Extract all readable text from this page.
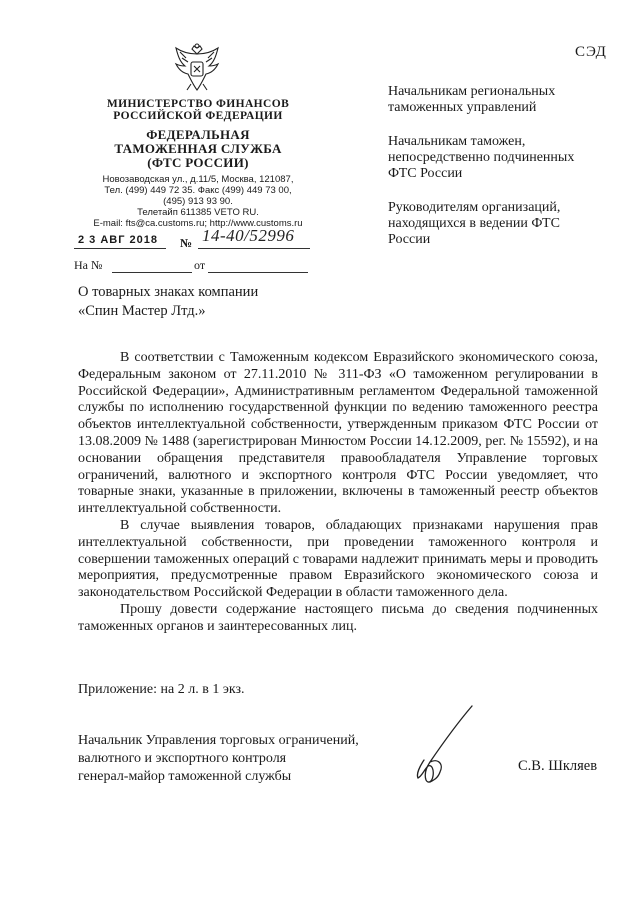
СЭД
МИНИСТЕРСТВО ФИНАНСОВ
РОССИЙСКОЙ ФЕДЕРАЦИИ
ФЕДЕРАЛЬНАЯ
ТАМОЖЕННАЯ СЛУЖБА
(ФТС РОССИИ)
Новозаводская ул., д.11/5, Москва, 121087,
Тел. (499) 449 72 35. Факс (499) 449 73 00,
(495) 913 93 90.
Телетайп 611385 VETO RU.
E-mail: fts@ca.customs.ru; http://www.customs.ru
2 3 АВГ 2018 № 14-40/52996
На №	от

Начальникам региональных таможенных управлений

Начальникам таможен, непосредственно подчиненных ФТС России

Руководителям организаций, находящихся в ведении ФТС России

О товарных знаках компании
«Спин Мастер Лтд.»

В соответствии с Таможенным кодексом Евразийского экономического союза, Федеральным законом от 27.11.2010 № 311-ФЗ «О таможенном регулировании в Российской Федерации», Административным регламентом Федеральной таможенной службы по исполнению государственной функции по ведению таможенного реестра объектов интеллектуальной собственности, утвержденным приказом ФТС России от 13.08.2009 № 1488 (зарегистрирован Минюстом России 14.12.2009, рег. № 15592), и на основании обращения представителя правообладателя Управление торговых ограничений, валютного и экспортного контроля ФТС России уведомляет, что товарные знаки, указанные в приложении, включены в таможенный реестр объектов интеллектуальной собственности.

В случае выявления товаров, обладающих признаками нарушения прав интеллектуальной собственности, при проведении таможенного контроля и совершении таможенных операций с товарами надлежит принимать меры и проводить мероприятия, предусмотренные правом Евразийского экономического союза и законодательством Российской Федерации в области таможенного дела.

Прошу довести содержание настоящего письма до сведения подчиненных таможенных органов и заинтересованных лиц.

Приложение: на 2 л. в 1 экз.
Начальник Управления торговых ограничений,
валютного и экспортного контроля
генерал-майор таможенной службы
С.В. Шкляев
